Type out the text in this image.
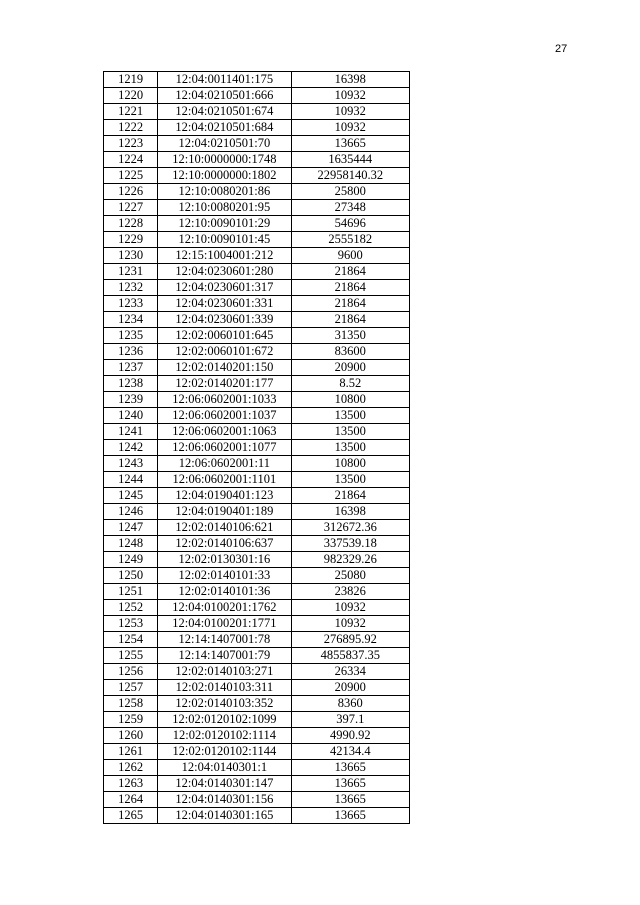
27
1219	12:04:0011401:175	16398
1220	12:04:0210501:666	10932
1221	12:04:0210501:674	10932
1222	12:04:0210501:684	10932
1223	12:04:0210501:70	13665
1224	12:10:0000000:1748	1635444
1225	12:10:0000000:1802	22958140.32
1226	12:10:0080201:86	25800
1227	12:10:0080201:95	27348
1228	12:10:0090101:29	54696
1229	12:10:0090101:45	2555182
1230	12:15:1004001:212	9600
1231	12:04:0230601:280	21864
1232	12:04:0230601:317	21864
1233	12:04:0230601:331	21864
1234	12:04:0230601:339	21864
1235	12:02:0060101:645	31350
1236	12:02:0060101:672	83600
1237	12:02:0140201:150	20900
1238	12:02:0140201:177	8.52
1239	12:06:0602001:1033	10800
1240	12:06:0602001:1037	13500
1241	12:06:0602001:1063	13500
1242	12:06:0602001:1077	13500
1243	12:06:0602001:11	10800
1244	12:06:0602001:1101	13500
1245	12:04:0190401:123	21864
1246	12:04:0190401:189	16398
1247	12:02:0140106:621	312672.36
1248	12:02:0140106:637	337539.18
1249	12:02:0130301:16	982329.26
1250	12:02:0140101:33	25080
1251	12:02:0140101:36	23826
1252	12:04:0100201:1762	10932
1253	12:04:0100201:1771	10932
1254	12:14:1407001:78	276895.92
1255	12:14:1407001:79	4855837.35
1256	12:02:0140103:271	26334
1257	12:02:0140103:311	20900
1258	12:02:0140103:352	8360
1259	12:02:0120102:1099	397.1
1260	12:02:0120102:1114	4990.92
1261	12:02:0120102:1144	42134.4
1262	12:04:0140301:1	13665
1263	12:04:0140301:147	13665
1264	12:04:0140301:156	13665
1265	12:04:0140301:165	13665
